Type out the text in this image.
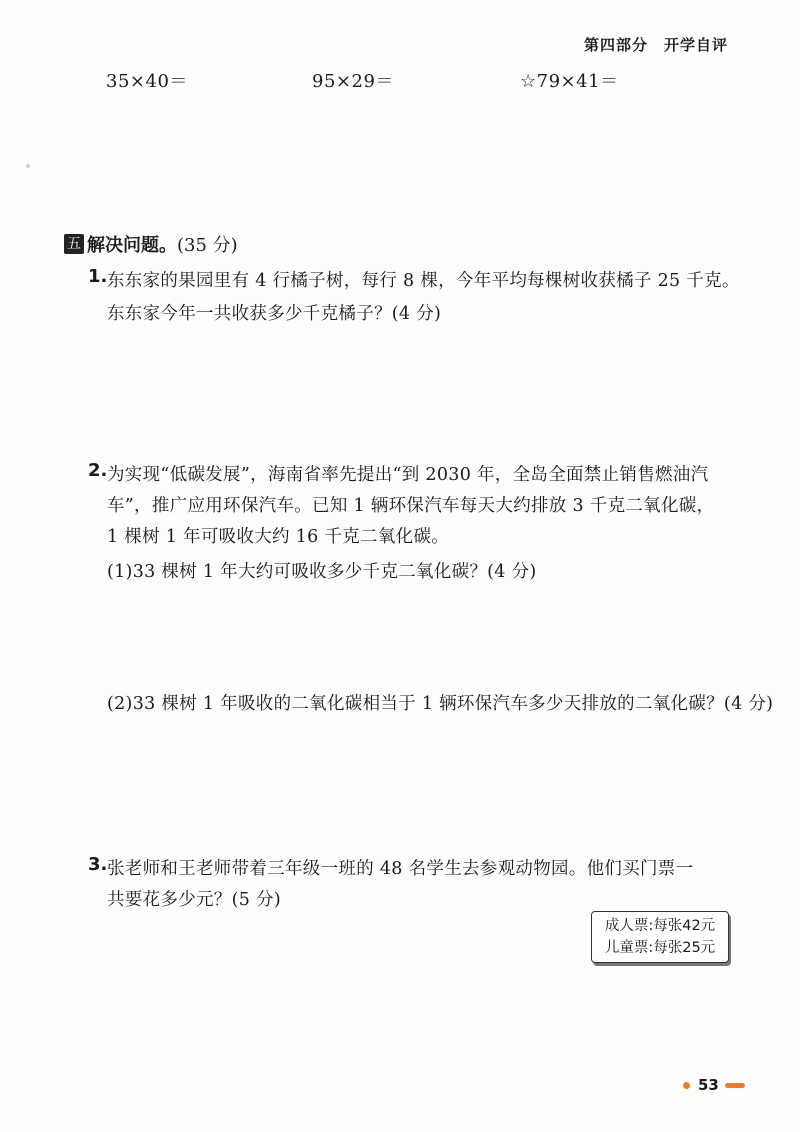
第四部分　开学自评
35×40＝	95×29＝	☆79×41＝
五 解决问题。 (35 分)
1. 东东家的果园里有 4 行橘子树，每行 8 棵，今年平均每棵树收获橘子 25 千克。
东东家今年一共收获多少千克橘子？(4 分)
2. 为实现“低碳发展”，海南省率先提出“到 2030 年，全岛全面禁止销售燃油汽
车”，推广应用环保汽车。已知 1 辆环保汽车每天大约排放 3 千克二氧化碳，
1 棵树 1 年可吸收大约 16 千克二氧化碳。
(1)33 棵树 1 年大约可吸收多少千克二氧化碳？(4 分)
(2)33 棵树 1 年吸收的二氧化碳相当于 1 辆环保汽车多少天排放的二氧化碳？(4 分)
3. 张老师和王老师带着三年级一班的 48 名学生去参观动物园。他们买门票一
共要花多少元？(5 分)
成人票:每张42元
儿童票:每张25元
53
